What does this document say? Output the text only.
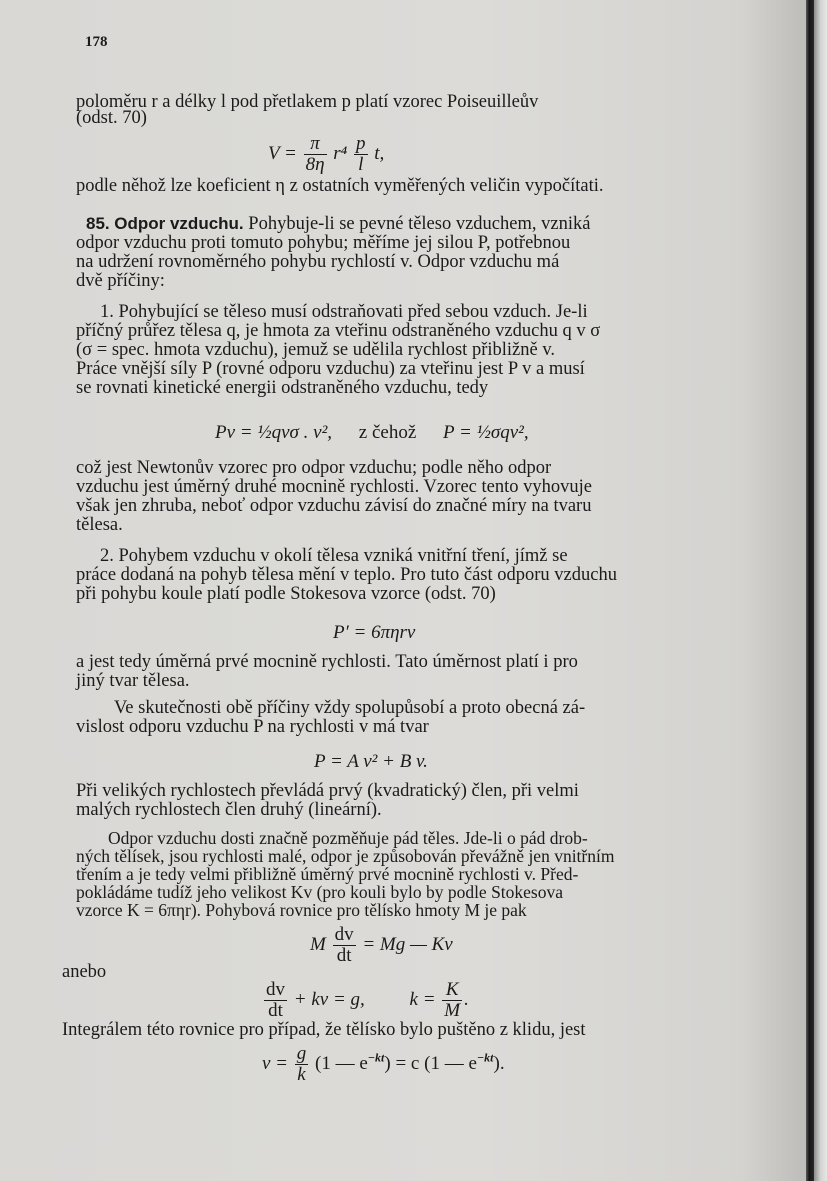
178
poloměru r a délky l pod přetlakem p platí vzorec Poiseuilleův
(odst. 70)
$V = \frac{\pi}{8\eta} r^4 \frac{p}{l} t$,
podle něhož lze koeficient η z ostatních vyměřených veličin vypočítati.
85. Odpor vzduchu. Pohybuje-li se pevné těleso vzduchem, vzniká
odpor vzduchu proti tomuto pohybu; měříme jej silou P, potřebnou
na udržení rovnoměrného pohybu rychlostí v. Odpor vzduchu má
dvě příčiny:
1. Pohybující se těleso musí odstraňovati před sebou vzduch. Je-li
příčný průřez tělesa q, je hmota za vteřinu odstraněného vzduchu q v σ
(σ = spec. hmota vzduchu), jemuž se udělila rychlost přibližně v.
Práce vnější síly P (rovné odporu vzduchu) za vteřinu jest P v a musí
se rovnati kinetické energii odstraněného vzduchu, tedy
Pv = ½qvσ . v², z čehož P = ½σqv²,
což jest Newtonův vzorec pro odpor vzduchu; podle něho odpor
vzduchu jest úměrný druhé mocnině rychlosti. Vzorec tento vyhovuje
však jen zhruba, neboť odpor vzduchu závisí do značné míry na tvaru
tělesa.
2. Pohybem vzduchu v okolí tělesa vzniká vnitřní tření, jímž se
práce dodaná na pohyb tělesa mění v teplo. Pro tuto část odporu vzduchu
při pohybu koule platí podle Stokesova vzorce (odst. 70)
P′ = 6πηrv
a jest tedy úměrná prvé mocnině rychlosti. Tato úměrnost platí i pro
jiný tvar tělesa.
Ve skutečnosti obě příčiny vždy spolupůsobí a proto obecná zá-
vislost odporu vzduchu P na rychlosti v má tvar
P = A v² + B v.
Při velikých rychlostech převládá prvý (kvadratický) člen, při velmi
malých rychlostech člen druhý (lineární).
Odpor vzduchu dosti značně pozměňuje pád těles. Jde-li o pád drob-
ných tělísek, jsou rychlosti malé, odpor je způsobován převážně jen vnitřním
třením a je tedy velmi přibližně úměrný prvé mocnině rychlosti v. Před-
pokládáme tudíž jeho velikost Kv (pro kouli bylo by podle Stokesova
vzorce K = 6πηr). Pohybová rovnice pro tělísko hmoty M je pak
M $\frac{dv}{dt} = Mg$ — Kv
anebo
$\frac{dv}{dt}$ + kv = g, $k = \frac{K}{M}$ .
Integrálem této rovnice pro případ, že tělísko bylo puštěno z klidu, jest
$v = \frac{g}{k} (1$ — $e^{-kt}) = c$ (1 — $e^{-kt}$).
